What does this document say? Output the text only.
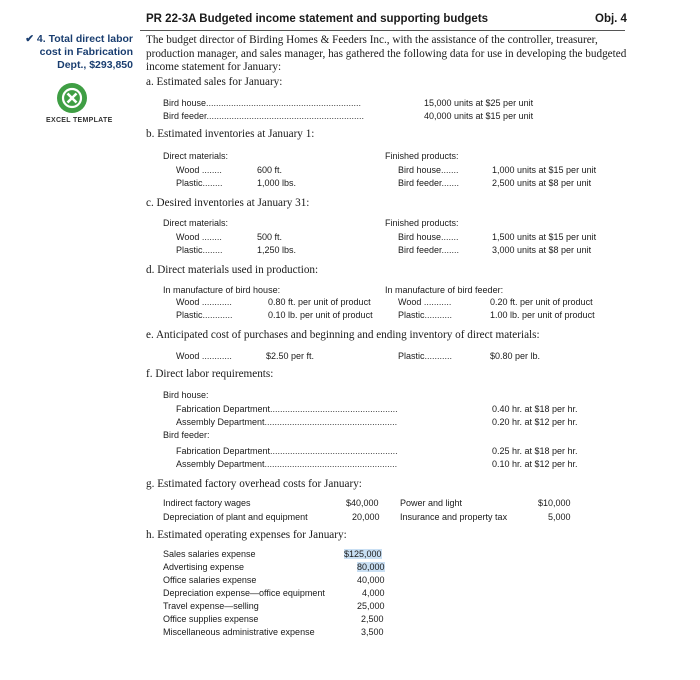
PR 22-3A Budgeted income statement and supporting budgets	Obj. 4
The budget director of Birding Homes & Feeders Inc., with the assistance of the controller, treasurer, production manager, and sales manager, has gathered the following data for use in developing the budgeted income statement for January:
✔ 4. Total direct labor
cost in Fabrication
Dept., $293,850
EXCEL TEMPLATE
a. Estimated sales for January:
Bird house..............................................................	15,000 units at $25 per unit
Bird feeder...............................................................	40,000 units at $15 per unit
b. Estimated inventories at January 1:
Direct materials:
Wood ........	600 ft.
Plastic........	1,000 lbs.
Finished products:
Bird house.......	1,000 units at $15 per unit
Bird feeder.......	2,500 units at $8 per unit
c. Desired inventories at January 31:
Direct materials:
Wood ........	500 ft.
Plastic........	1,250 lbs.
Finished products:
Bird house.......	1,500 units at $15 per unit
Bird feeder.......	3,000 units at $8 per unit
d. Direct materials used in production:
In manufacture of bird house:
Wood ............	0.80 ft. per unit of product
Plastic............	0.10 lb. per unit of product
In manufacture of bird feeder:
Wood ...........	0.20 ft. per unit of product
Plastic...........	1.00 lb. per unit of product
e. Anticipated cost of purchases and beginning and ending inventory of direct materials:
Wood ............	$2.50 per ft.	Plastic...........	$0.80 per lb.
f. Direct labor requirements:
Bird house:
Fabrication Department...................................................	0.40 hr. at $18 per hr.
Assembly Department.....................................................	0.20 hr. at $12 per hr.
Bird feeder:
Fabrication Department...................................................	0.25 hr. at $18 per hr.
Assembly Department.....................................................	0.10 hr. at $12 per hr.
g. Estimated factory overhead costs for January:
Indirect factory wages	$40,000 Power and light	$10,000
Depreciation of plant and equipment	20,000 Insurance and property tax	5,000
h. Estimated operating expenses for January:
Sales salaries expense	$125,000
Advertising expense	80,000
Office salaries expense	40,000
Depreciation expense—office equipment	4,000
Travel expense—selling	25,000
Office supplies expense	2,500
Miscellaneous administrative expense	3,500
